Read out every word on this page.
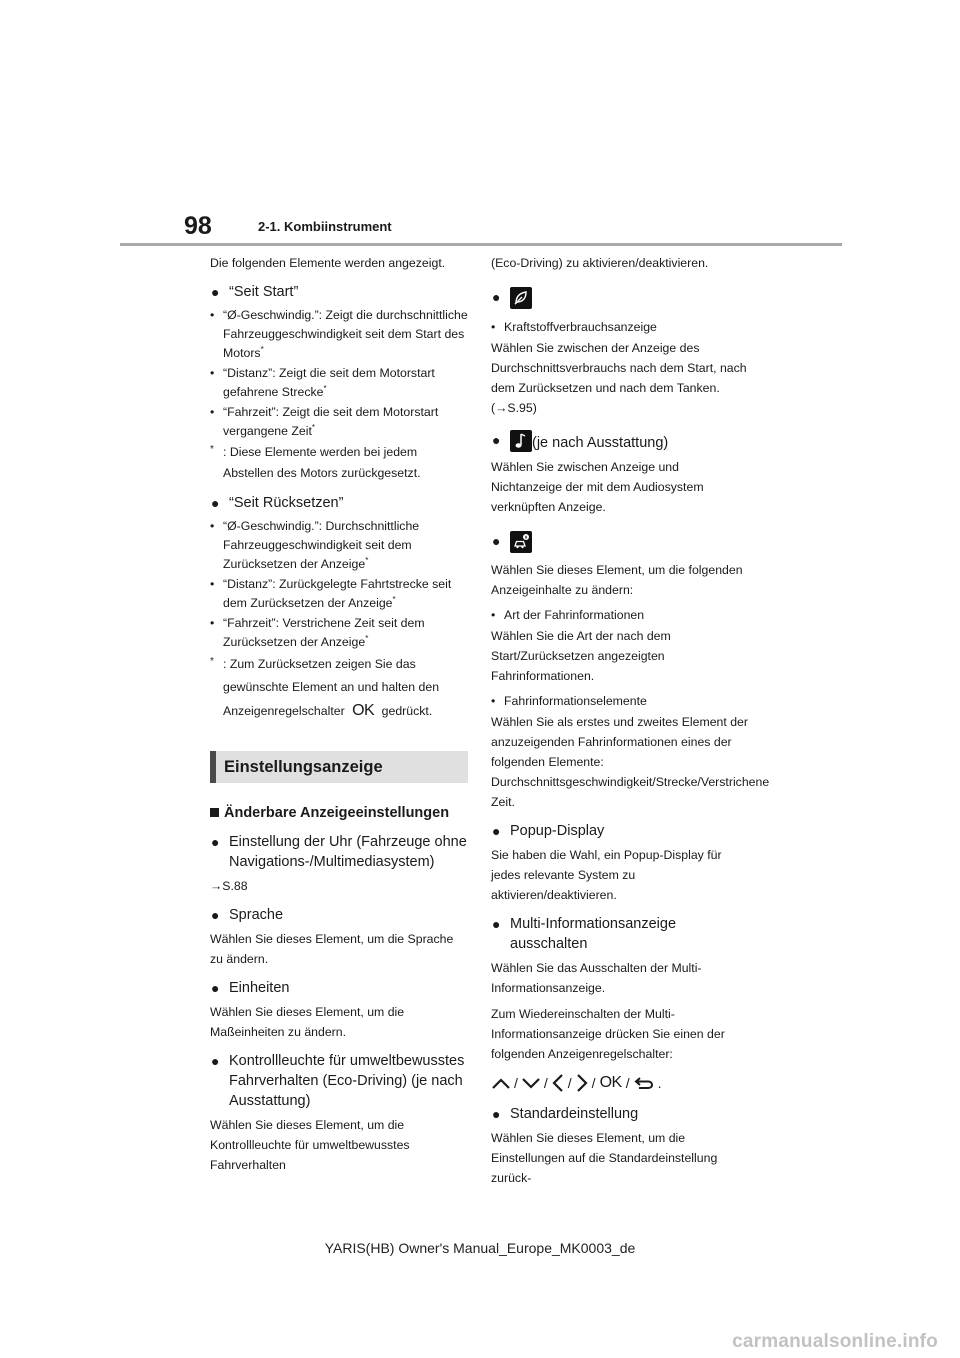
98	2-1. Kombiinstrument

Die folgenden Elemente werden angezeigt.

● “Seit Start”
• “Ø-Geschwindig.”: Zeigt die durchschnittliche Fahrzeuggeschwindigkeit seit dem Start des Motors*
• “Distanz”: Zeigt die seit dem Motorstart gefahrene Strecke*
• “Fahrzeit”: Zeigt die seit dem Motorstart vergangene Zeit*
* : Diese Elemente werden bei jedem Abstellen des Motors zurückgesetzt.
● “Seit Rücksetzen”
• “Ø-Geschwindig.”: Durchschnittliche Fahrzeuggeschwindigkeit seit dem Zurücksetzen der Anzeige*
• “Distanz”: Zurückgelegte Fahrtstrecke seit dem Zurücksetzen der Anzeige*
• “Fahrzeit”: Verstrichene Zeit seit dem Zurücksetzen der Anzeige*
* : Zum Zurücksetzen zeigen Sie das gewünschte Element an und halten den Anzeigenregelschalter OK gedrückt.
Einstellungsanzeige
Änderbare Anzeigeeinstellungen
● Einstellung der Uhr (Fahrzeuge ohne Navigations-/Multimediasystem)

→S.88

● Sprache

Wählen Sie dieses Element, um die Sprache zu ändern.

● Einheiten

Wählen Sie dieses Element, um die Maßeinheiten zu ändern.

● Kontrollleuchte für umweltbewusstes Fahrverhalten (Eco-Driving) (je nach Ausstattung)

Wählen Sie dieses Element, um die Kontrollleuchte für umweltbewusstes Fahrverhalten

(Eco-Driving) zu aktivieren/deaktivieren.

●
• Kraftstoffverbrauchsanzeige

Wählen Sie zwischen der Anzeige des Durchschnittsverbrauchs nach dem Start, nach dem Zurücksetzen und nach dem Tanken. (→S.95)

● (je nach Ausstattung)

Wählen Sie zwischen Anzeige und Nichtanzeige der mit dem Audiosystem verknüpften Anzeige.

●

Wählen Sie dieses Element, um die folgenden Anzeigeinhalte zu ändern:

• Art der Fahrinformationen

Wählen Sie die Art der nach dem Start/Zurücksetzen angezeigten Fahrinformationen.

• Fahrinformationselemente

Wählen Sie als erstes und zweites Element der anzuzeigenden Fahrinformationen eines der folgenden Elemente: Durchschnittsgeschwindigkeit/Strecke/Verstrichene Zeit.

● Popup-Display

Sie haben die Wahl, ein Popup-Display für jedes relevante System zu aktivieren/deaktivieren.

● Multi-Informationsanzeige ausschalten

Wählen Sie das Ausschalten der Multi-Informationsanzeige.

Zum Wiedereinschalten der Multi-Informationsanzeige drücken Sie einen der folgenden Anzeigenregelschalter:

/ / / / OK / .
● Standardeinstellung

Wählen Sie dieses Element, um die Einstellungen auf die Standardeinstellung zurück-

YARIS(HB) Owner's Manual_Europe_MK0003_de
carmanualsonline.info
